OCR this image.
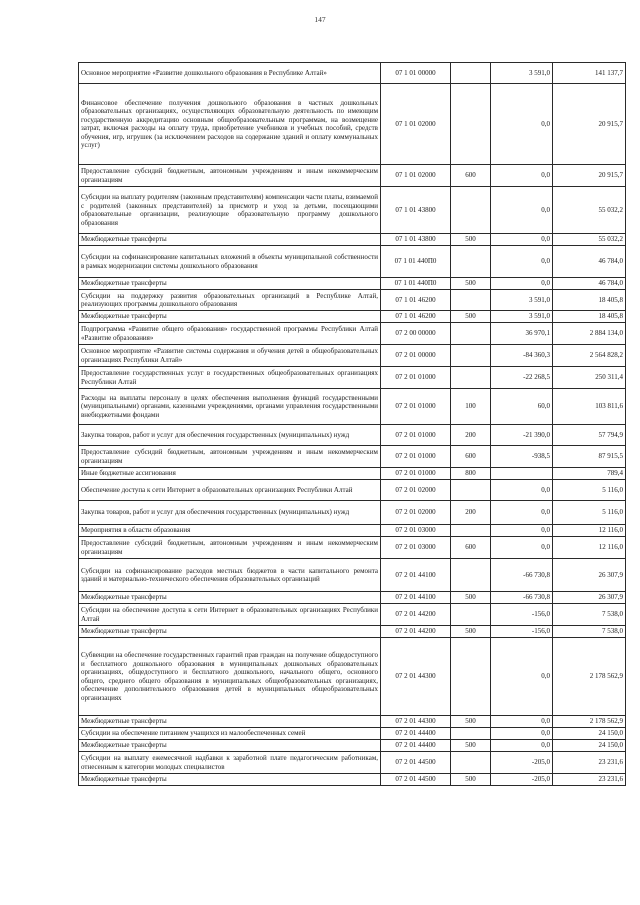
147
Основное мероприятие «Развитие дошкольного образования в Республике Алтай»	07 1 01 00000		3 591,0	141 137,7
Финансовое обеспечение получения дошкольного образования в частных дошкольных образовательных организациях, осуществляющих образовательную деятельность по имеющим государственную аккредитацию основным общеобразовательным программам, на возмещение затрат, включая расходы на оплату труда, приобретение учебников и учебных пособий, средств обучения, игр, игрушек (за исключением расходов на содержание зданий и оплату коммунальных услуг)	07 1 01 02000		0,0	20 915,7
Предоставление субсидий бюджетным, автономным учреждениям и иным некоммерческим организациям	07 1 01 02000	600	0,0	20 915,7
Субсидии на выплату родителям (законным представителям) компенсации части платы, взимаемой с родителей (законных представителей) за присмотр и уход за детьми, посещающими образовательные организации, реализующие образовательную программу дошкольного образования	07 1 01 43800		0,0	55 032,2
Межбюджетные трансферты	07 1 01 43800	500	0,0	55 032,2
Субсидии на софинансирование капитальных вложений в объекты муниципальной собственности в рамках модернизации системы дошкольного образования	07 1 01 440П0		0,0	46 784,0
Межбюджетные трансферты	07 1 01 440П0	500	0,0	46 784,0
Субсидии на поддержку развития образовательных организаций в Республике Алтай, реализующих программы дошкольного образования	07 1 01 46200		3 591,0	18 405,8
Межбюджетные трансферты	07 1 01 46200	500	3 591,0	18 405,8
Подпрограмма «Развитие общего образования» государственной программы Республики Алтай «Развитие образования»	07 2 00 00000		36 970,1	2 884 134,0
Основное мероприятие «Развитие системы содержания и обучения детей в общеобразовательных организациях Республики Алтай»	07 2 01 00000		-84 360,3	2 564 828,2
Предоставление государственных услуг в государственных общеобразовательных организациях Республики Алтай	07 2 01 01000		-22 268,5	250 311,4
Расходы на выплаты персоналу в целях обеспечения выполнения функций государственными (муниципальными) органами, казенными учреждениями, органами управления государственными внебюджетными фондами	07 2 01 01000	100	60,0	103 811,6
Закупка товаров, работ и услуг для обеспечения государственных (муниципальных) нужд	07 2 01 01000	200	-21 390,0	57 794,9
Предоставление субсидий бюджетным, автономным учреждениям и иным некоммерческим организациям	07 2 01 01000	600	-938,5	87 915,5
Иные бюджетные ассигнования	07 2 01 01000	800		789,4
Обеспечение доступа к сети Интернет в образовательных организациях Республики Алтай	07 2 01 02000		0,0	5 116,0
Закупка товаров, работ и услуг для обеспечения государственных (муниципальных) нужд	07 2 01 02000	200	0,0	5 116,0
Мероприятия в области образования	07 2 01 03000		0,0	12 116,0
Предоставление субсидий бюджетным, автономным учреждениям и иным некоммерческим организациям	07 2 01 03000	600	0,0	12 116,0
Субсидии на софинансирование расходов местных бюджетов в части капитального ремонта зданий и материально-технического обеспечения образовательных организаций	07 2 01 44100		-66 730,8	26 307,9
Межбюджетные трансферты	07 2 01 44100	500	-66 730,8	26 307,9
Субсидии на обеспечение доступа к сети Интернет в образовательных организациях Республики Алтай	07 2 01 44200		-156,0	7 538,0
Межбюджетные трансферты	07 2 01 44200	500	-156,0	7 538,0
Субвенции на обеспечение государственных гарантий прав граждан на получение общедоступного и бесплатного дошкольного образования в муниципальных дошкольных образовательных организациях, общедоступного и бесплатного дошкольного, начального общего, основного общего, среднего общего образования в муниципальных общеобразовательных организациях, обеспечение дополнительного образования детей в муниципальных общеобразовательных организациях	07 2 01 44300		0,0	2 178 562,9
Межбюджетные трансферты	07 2 01 44300	500	0,0	2 178 562,9
Субсидии на обеспечение питанием учащихся из малообеспеченных семей	07 2 01 44400		0,0	24 150,0
Межбюджетные трансферты	07 2 01 44400	500	0,0	24 150,0
Субсидии на выплату ежемесячной надбавки к заработной плате педагогическим работникам, отнесенным к категории молодых специалистов	07 2 01 44500		-205,0	23 231,6
Межбюджетные трансферты	07 2 01 44500	500	-205,0	23 231,6
